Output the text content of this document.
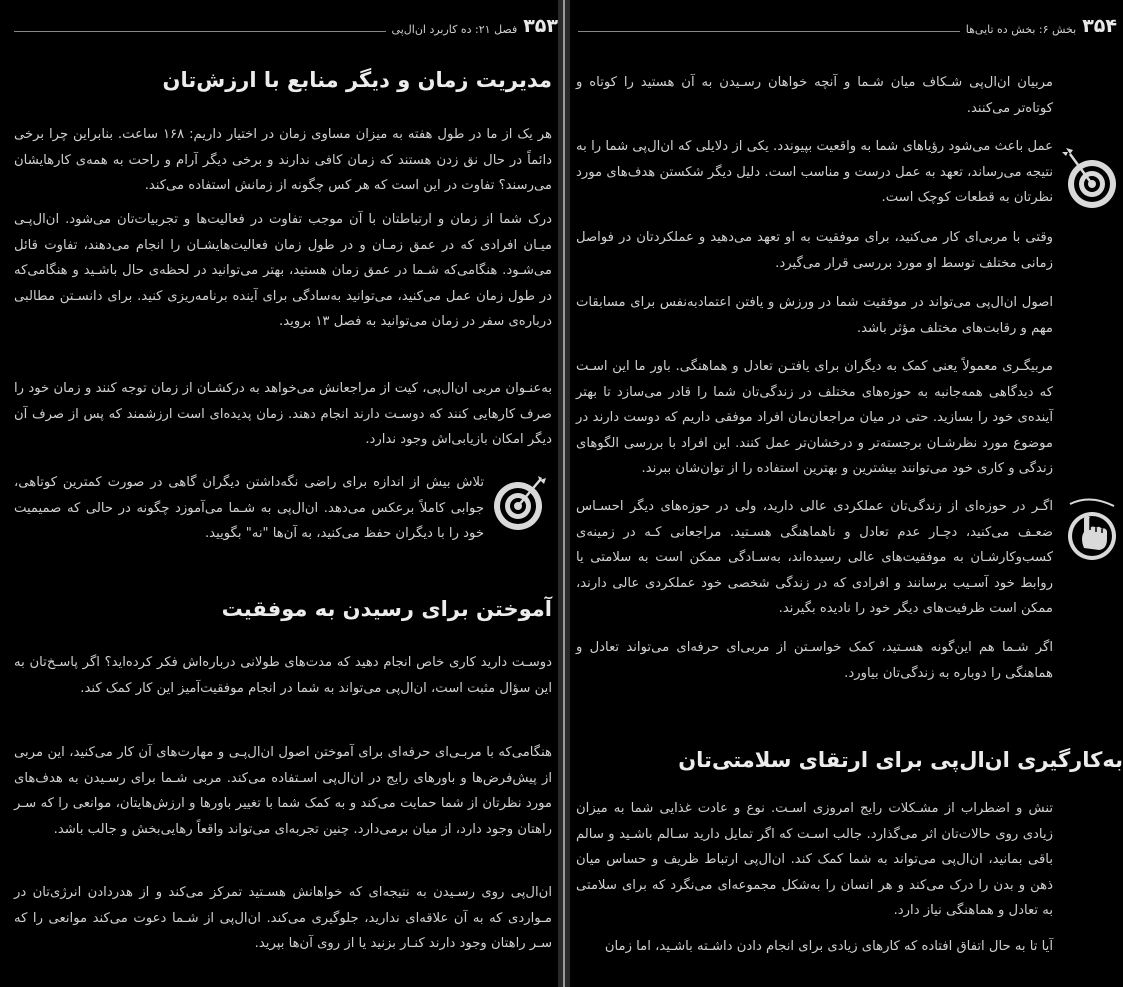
۳۵۳
فصل ۲۱: ده کاربرد ان‌ال‌پی
مدیریت زمان و دیگر منابع با ارزش‌تان

هر یک از ما در طول هفته به میزان مساوی زمان در اختیار داریم: ۱۶۸ ساعت. بنابراین چرا برخی دائماً در حال نق زدن هستند که زمان کافی ندارند و برخی دیگر آرام و راحت به همه‌ی کارهایشان می‌رسند؟ تفاوت در این است که هر کس چگونه از زمانش استفاده می‌کند.

درک شما از زمان و ارتباطتان با آن موجب تفاوت در فعالیت‌ها و تجربیات‌تان می‌شود. ان‌ال‌پـی میـان افرادی که در عمق زمـان و در طول زمان فعالیت‌هایشـان را انجام می‌دهند، تفاوت قائل می‌شـود. هنگامی‌که شـما در عمق زمان هستید، بهتر می‌توانید در لحظه‌ی حال باشـید و هنگامی‌که در طول زمان عمل می‌کنید، می‌توانید به‌سادگی برای آینده برنامه‌ریزی کنید. برای دانسـتن مطالبی درباره‌ی سفر در زمان می‌توانید به فصل ۱۳ بروید.

به‌عنـوان مربی ان‌ال‌پی، کیت از مراجعانش می‌خواهد به درکشـان از زمان توجه کنند و زمان خود را صرف کارهایی کنند که دوسـت دارند انجام دهند. زمان پدیده‌ای است ارزشمند که پس از صرف آن دیگر امکان بازیابی‌اش وجود ندارد.

تلاش بیش از اندازه برای راضی نگه‌داشتن دیگران گاهی در صورت کمترین کوتاهی، جوابی کاملاً برعکس می‌دهد. ان‌ال‌پی به شـما می‌آموزد چگونه در حالی که صمیمیت خود را با دیگران حفظ می‌کنید، به آن‌ها "نه" بگویید.

آموختن برای رسیدن به موفقیت

دوسـت دارید کاری خاص انجام دهید که مدت‌های طولانی درباره‌اش فکر کرده‌اید؟ اگر پاسـخ‌تان به این سؤال مثبت است، ان‌ال‌پی می‌تواند به شما در انجام موفقیت‌آمیز این کار کمک کند.

هنگامی‌که با مربـی‌ای حرفه‌ای برای آموختن اصول ان‌ال‌پـی و مهارت‌های آن کار می‌کنید، این مربی از پیش‌فرض‌ها و باورهای رایج در ان‌ال‌پی اسـتفاده می‌کند. مربی شـما برای رسـیدن به هدف‌های مورد نظرتان از شما حمایت می‌کند و به کمک شما با تغییر باورها و ارزش‌هایتان، موانعی را که سـر راهتان وجود دارد، از میان برمی‌دارد. چنین تجربه‌ای می‌تواند واقعاً رهایی‌بخش و جالب باشد.

ان‌ال‌پی روی رسـیدن به نتیجه‌ای که خواهانش هسـتید تمرکز می‌کند و از هدردادن انرژی‌تان در مـواردی که به آن علاقه‌ای ندارید، جلوگیری می‌کند. ان‌ال‌پی از شـما دعوت می‌کند موانعی را که سـر راهتان وجود دارند کنـار بزنید یا از روی آن‌ها بپرید.

۳۵۴
بخش ۶: بخش ده تایی‌ها

مربیان ان‌ال‌پی شـکاف میان شـما و آنچه خواهان رسـیدن به آن هستید را کوتاه و کوتاه‌تر می‌کنند.

عمل باعث می‌شود رؤیاهای شما به واقعیت بپیوندد. یکی از دلایلی که ان‌ال‌پی شما را به نتیجه می‌رساند، تعهد به عمل درست و مناسب است. دلیل دیگر شکستن هدف‌های مورد نظرتان به قطعات کوچک است.

وقتی با مربی‌ای کار می‌کنید، برای موفقیت به او تعهد می‌دهید و عملکردتان در فواصل زمانی مختلف توسط او مورد بررسی قرار می‌گیرد.

اصول ان‌ال‌پی می‌تواند در موفقیت شما در ورزش و یافتن اعتمادبه‌نفس برای مسابقات مهم و رقابت‌های مختلف مؤثر باشد.

مربیگـری معمولاً یعنی کمک به دیگران برای یافتـن تعادل و هماهنگی. باور ما این اسـت که دیدگاهی همه‌جانبه به حوزه‌های مختلف در زندگی‌تان شما را قادر می‌سازد تا بهتر آینده‌ی خود را بسازید. حتی در میان مراجعان‌مان افراد موفقی داریم که دوست دارند در موضوع مورد نظرشـان برجسته‌تر و درخشان‌تر عمل کنند. این افراد با بررسی الگوهای زندگی و کاری خود می‌توانند بیشترین و بهترین استفاده را از توان‌شان ببرند.

اگـر در حوزه‌ای از زندگی‌تان عملکردی عالی دارید، ولی در حوزه‌های دیگر احسـاس ضعـف می‌کنید، دچـار عدم تعادل و ناهماهنگی هسـتید. مراجعانی کـه در زمینه‌ی کسب‌وکارشـان به موفقیت‌های عالی رسیده‌اند، به‌سـادگی ممکن است به سلامتی یا روابط خود آسـیب برسانند و افرادی که در زندگی شخصی خود عملکردی عالی دارند، ممکن است ظرفیت‌های دیگر خود را نادیده بگیرند.

اگر شـما هم این‌گونه هسـتید، کمک خواسـتن از مربی‌ای حرفه‌ای می‌تواند تعادل و هماهنگی را دوباره به زندگی‌تان بیاورد.

به‌کارگیری ان‌ال‌پی برای ارتقای سلامتی‌تان

تنش و اضطراب از مشـکلات رایج امروزی اسـت. نوع و عادت غذایی شما به میزان زیادی روی حالات‌تان اثر می‌گذارد. جالب اسـت که اگر تمایل دارید سـالم باشـید و سالم باقی بمانید، ان‌ال‌پی می‌تواند به شما کمک کند. ان‌ال‌پی ارتباط ظریف و حساس میان ذهن و بدن را درک می‌کند و هر انسان را به‌شکل مجموعه‌ای می‌نگرد که برای سلامتی به تعادل و هماهنگی نیاز دارد.

آیا تا به حال اتفاق افتاده که کارهای زیادی برای انجام دادن داشـته باشـید، اما زمان
